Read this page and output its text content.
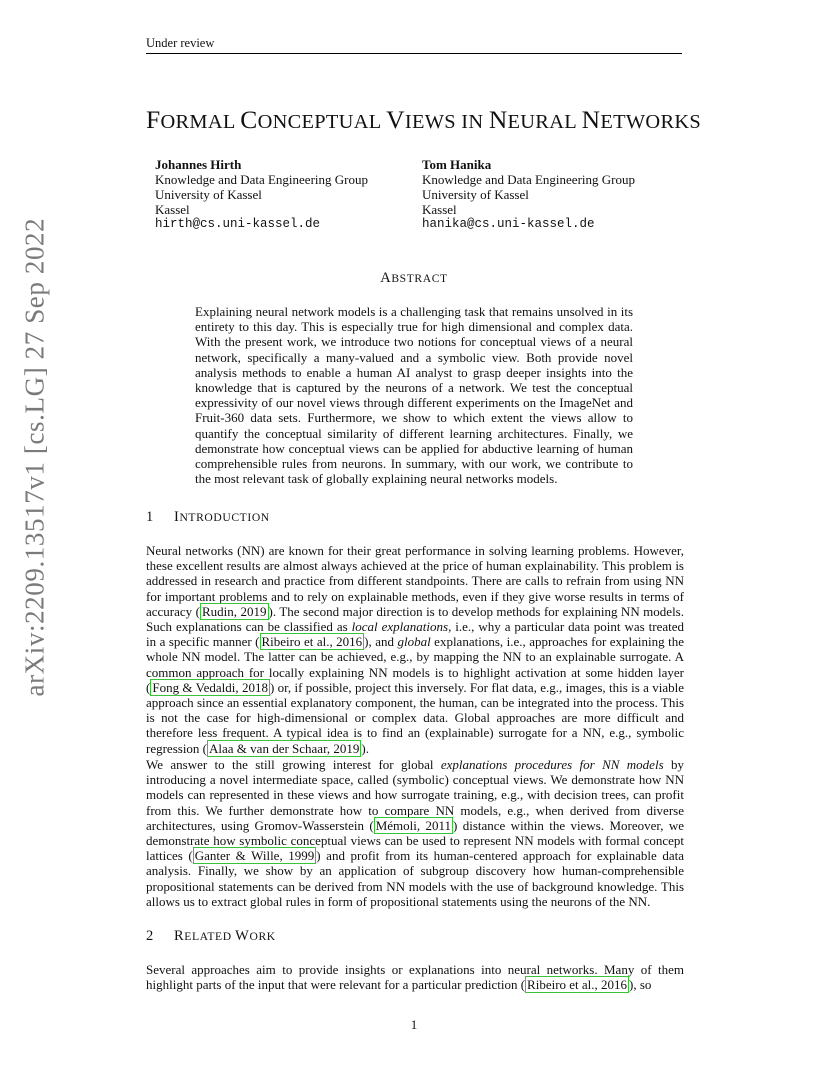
Under review
arXiv:2209.13517v1 [cs.LG] 27 Sep 2022
FORMAL CONCEPTUAL VIEWS IN NEURAL NETWORKS
Johannes Hirth
Knowledge and Data Engineering Group
University of Kassel
Kassel
hirth@cs.uni-kassel.de
Tom Hanika
Knowledge and Data Engineering Group
University of Kassel
Kassel
hanika@cs.uni-kassel.de
ABSTRACT
Explaining neural network models is a challenging task that remains unsolved in its entirety to this day. This is especially true for high dimensional and complex data. With the present work, we introduce two notions for conceptual views of a neural network, specifically a many-valued and a symbolic view. Both provide novel analysis methods to enable a human AI analyst to grasp deeper insights into the knowledge that is captured by the neurons of a network. We test the conceptual expressivity of our novel views through different experiments on the ImageNet and Fruit-360 data sets. Furthermore, we show to which extent the views allow to quantify the conceptual similarity of different learning architectures. Finally, we demonstrate how conceptual views can be applied for abductive learning of human comprehensible rules from neurons. In summary, with our work, we contribute to the most relevant task of globally explaining neural networks models.
1 INTRODUCTION

Neural networks (NN) are known for their great performance in solving learning problems. However, these excellent results are almost always achieved at the price of human explainability. This problem is addressed in research and practice from different standpoints. There are calls to refrain from using NN for important problems and to rely on explainable methods, even if they give worse results in terms of accuracy ( Rudin, 2019 ). The second major direction is to develop methods for explaining NN models. Such explanations can be classified as local explanations, i.e., why a particular data point was treated in a specific manner ( Ribeiro et al., 2016 ), and global explanations, i.e., approaches for explaining the whole NN model. The latter can be achieved, e.g., by mapping the NN to an explainable surrogate. A common approach for locally explaining NN models is to highlight activation at some hidden layer ( Fong & Vedaldi, 2018 ) or, if possible, project this inversely. For flat data, e.g., images, this is a viable approach since an essential explanatory component, the human, can be integrated into the process. This is not the case for high-dimensional or complex data. Global approaches are more difficult and therefore less frequent. A typical idea is to find an (explainable) surrogate for a NN, e.g., symbolic regression ( Alaa & van der Schaar, 2019 ).

We answer to the still growing interest for global explanations procedures for NN models by introducing a novel intermediate space, called (symbolic) conceptual views. We demonstrate how NN models can represented in these views and how surrogate training, e.g., with decision trees, can profit from this. We further demonstrate how to compare NN models, e.g., when derived from diverse architectures, using Gromov-Wasserstein ( Mémoli, 2011 ) distance within the views. Moreover, we demonstrate how symbolic conceptual views can be used to represent NN models with formal concept lattices ( Ganter & Wille, 1999 ) and profit from its human-centered approach for explainable data analysis. Finally, we show by an application of subgroup discovery how human-comprehensible propositional statements can be derived from NN models with the use of background knowledge. This allows us to extract global rules in form of propositional statements using the neurons of the NN.

2 RELATED WORK

Several approaches aim to provide insights or explanations into neural networks. Many of them highlight parts of the input that were relevant for a particular prediction ( Ribeiro et al., 2016 ), so

1
